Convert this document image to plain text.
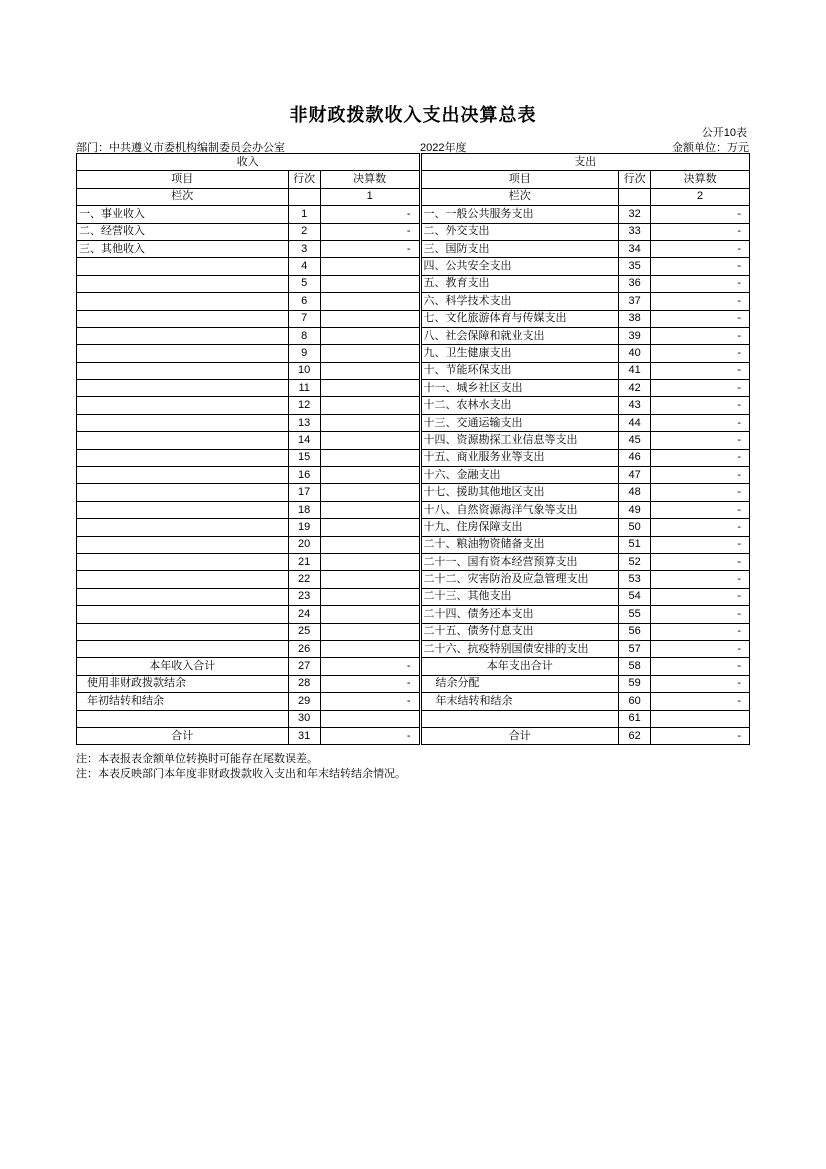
非财政拨款收入支出决算总表
公开10表
部门：中共遵义市委机构编制委员会办公室	2022年度	金额单位：万元
收入				支出		
项目	行次	决算数		项目	行次	决算数
栏次		1		栏次		2
一、事业收入	1	-		一、一般公共服务支出	32	-
二、经营收入	2	-		二、外交支出	33	-
三、其他收入	3	-		三、国防支出	34	-
	4			四、公共安全支出	35	-
	5			五、教育支出	36	-
	6			六、科学技术支出	37	-
	7			七、文化旅游体育与传媒支出	38	-
	8			八、社会保障和就业支出	39	-
	9			九、卫生健康支出	40	-
	10			十、节能环保支出	41	-
	11			十一、城乡社区支出	42	-
	12			十二、农林水支出	43	-
	13			十三、交通运输支出	44	-
	14			十四、资源勘探工业信息等支出	45	-
	15			十五、商业服务业等支出	46	-
	16			十六、金融支出	47	-
	17			十七、援助其他地区支出	48	-
	18			十八、自然资源海洋气象等支出	49	-
	19			十九、住房保障支出	50	-
	20			二十、粮油物资储备支出	51	-
	21			二十一、国有资本经营预算支出	52	-
	22			二十二、灾害防治及应急管理支出	53	-
	23			二十三、其他支出	54	-
	24			二十四、债务还本支出	55	-
	25			二十五、债务付息支出	56	-
	26			二十六、抗疫特别国债安排的支出	57	-
本年收入合计	27	-		本年支出合计	58	-
使用非财政拨款结余	28	-		结余分配	59	-
年初结转和结余	29	-		年末结转和结余	60	-
	30				61	
合计	31	-		合计	62	-
注：本表报表金额单位转换时可能存在尾数误差。
注：本表反映部门本年度非财政拨款收入支出和年末结转结余情况。
